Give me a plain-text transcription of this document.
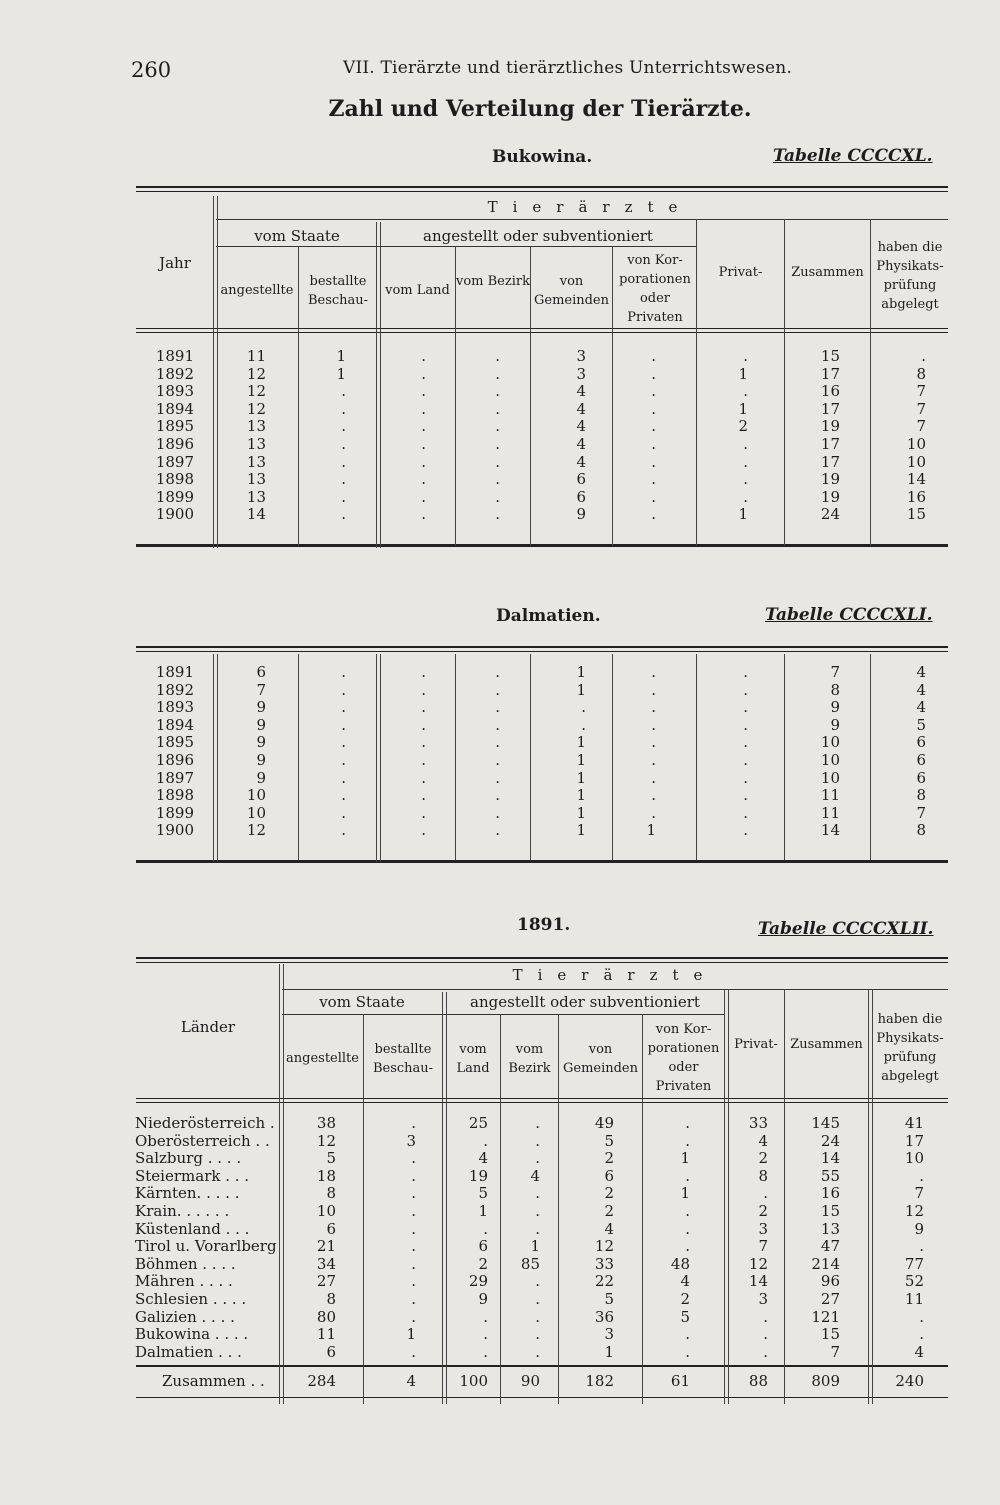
260	VII. Tierärzte und tierärztliches Unterrichtswesen.
Zahl und Verteilung der Tierärzte.
Bukowina.	Tabelle CCCCXL.
Jahr
Tierärzte
vom Staate	angestellt oder subventioniert
angestellte
bestallte Beschau-
vom Land
vom Bezirk	von Gemeinden
von Kor- porationen oder Privaten
Privat-	Zusammen
haben die Physikats- prüfung abgelegt
1891	11	1	.	.	3	.	.	15	.
1892	12	1	.	.	3	.	1	17	8
1893	12	.	.	.	4	.	.	16	7
1894	12	.	.	.	4	.	1	17	7
1895	13	.	.	.	4	.	2	19	7
1896	13	.	.	.	4	.	.	17	10
1897	13	.	.	.	4	.	.	17	10
1898	13	.	.	.	6	.	.	19	14
1899	13	.	.	.	6	.	.	19	16
1900	14	.	.	.	9	.	1	24	15
Dalmatien.	Tabelle CCCCXLI.
1891	6	.	.	.	1	.	.	7	4
1892	7	.	.	.	1	.	.	8	4
1893	9	.	.	.	.	.	.	9	4
1894	9	.	.	.	.	.	.	9	5
1895	9	.	.	.	1	.	.	10	6
1896	9	.	.	.	1	.	.	10	6
1897	9	.	.	.	1	.	.	10	6
1898	10	.	.	.	1	.	.	11	8
1899	10	.	.	.	1	.	.	11	7
1900	12	.	.	.	1	1	.	14	8
1891.	Tabelle CCCCXLII.
Länder
Tierärzte
vom Staate	angestellt oder subventioniert
angestellte
bestallte Beschau-
vom Land
vom Bezirk
von Gemeinden
von Kor- porationen oder Privaten
Privat- Zusammen
haben die Physikats- prüfung abgelegt
Niederösterreich .	38	.	25	.	49	.	33	145	41
Oberösterreich . .	12	3	.	.	5	.	4	24	17
Salzburg . . . .	5	.	4	.	2	1	2	14	10
Steiermark . . .	18	.	19	4	6	.	8	55	.
Kärnten. . . . .	8	.	5	.	2	1	.	16	7
Krain. . . . . .	10	.	1	.	2	.	2	15	12
Küstenland . . .	6	.	.	.	4	.	3	13	9
Tirol u. Vorarlberg	21	.	6	1	12	.	7	47	.
Böhmen . . . .	34	.	2	85	33	48	12	214	77
Mähren . . . .	27	.	29	.	22	4	14	96	52
Schlesien . . . .	8	.	9	.	5	2	3	27	11
Galizien . . . .	80	.	.	.	36	5	.	121	.
Bukowina . . . .	11	1	.	.	3	.	.	15	.
Dalmatien . . .	6	.	.	.	1	.	.	7	4
Zusammen . .	284	4	100	90	182	61	88	809	240
